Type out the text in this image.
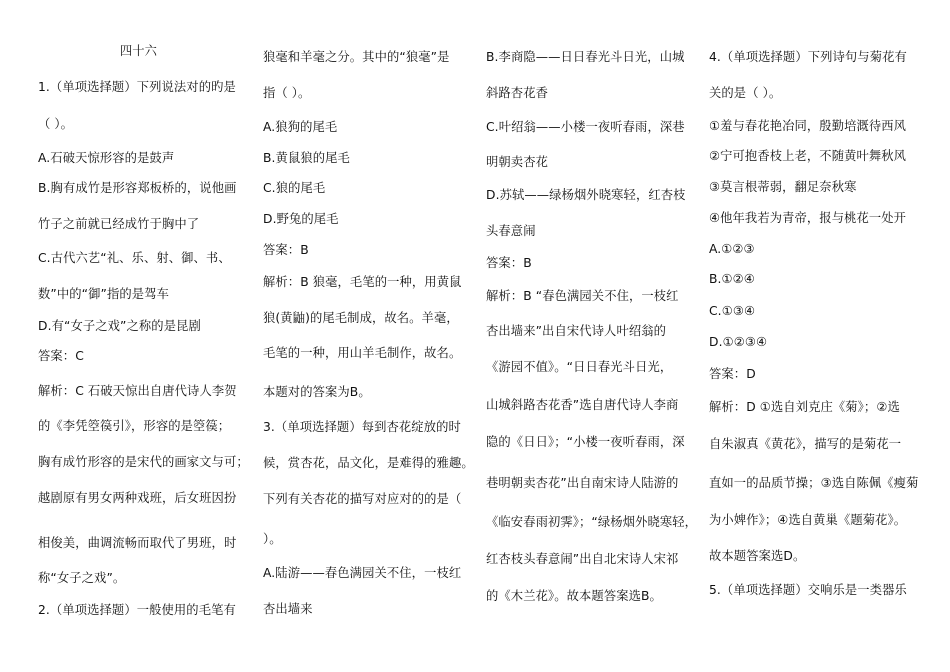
四十六
1.（单项选择题）下列说法对的旳是
（ ）。
A.石破天惊形容的是鼓声
B.胸有成竹是形容郑板桥的，说他画
竹子之前就已经成竹于胸中了
C.古代六艺“礼、乐、射、御、书、
数”中的“御”指的是驾车
D.有“女子之戏”之称的是昆剧
答案：C
解析：C 石破天惊出自唐代诗人李贺
的《李凭箜篌引》，形容的是箜篌；
胸有成竹形容的是宋代的画家文与可；
越剧原有男女两种戏班，后女班因扮
相俊美，曲调流畅而取代了男班，时
称“女子之戏”。
2.（单项选择题）一般使用的毛笔有
狼毫和羊毫之分。其中的“狼毫”是
指（ ）。
A.狼狗的尾毛
B.黄鼠狼的尾毛
C.狼的尾毛
D.野兔的尾毛
答案：B
解析：B 狼毫，毛笔的一种，用黄鼠
狼(黄鼬)的尾毛制成，故名。羊毫，
毛笔的一种，用山羊毛制作，故名。
本题对的答案为B。
3.（单项选择题）每到杏花绽放的时
候，赏杏花，品文化，是难得的雅趣。
下列有关杏花的描写对应对的的是（
）。
A.陆游——春色满园关不住，一枝红
杏出墙来
B.李商隐——日日春光斗日光，山城
斜路杏花香
C.叶绍翁——小楼一夜听春雨，深巷
明朝卖杏花
D.苏轼——绿杨烟外晓寒轻，红杏枝
头春意闹
答案：B
解析：B “春色满园关不住，一枝红
杏出墙来”出自宋代诗人叶绍翁的
《游园不值》。“日日春光斗日光，
山城斜路杏花香”选自唐代诗人李商
隐的《日日》；“小楼一夜听春雨，深
巷明朝卖杏花”出自南宋诗人陆游的
《临安春雨初霁》；“绿杨烟外晓寒轻，
红杏枝头春意闹”出自北宋诗人宋祁
的《木兰花》。故本题答案选B。
4.（单项选择题）下列诗句与菊花有
关的是（ ）。
①羞与春花艳冶同，殷勤培溉待西风
②宁可抱香枝上老，不随黄叶舞秋风
③莫言根蒂弱，翻足奈秋寒
④他年我若为青帝，报与桃花一处开
A.①②③
B.①②④
C.①③④
D.①②③④
答案：D
解析：D ①选自刘克庄《菊》；②选
自朱淑真《黄花》，描写的是菊花一
直如一的品质节操；③选自陈佩《瘦菊
为小婢作》；④选自黄巢《题菊花》。
故本题答案选D。
5.（单项选择题）交响乐是一类器乐
